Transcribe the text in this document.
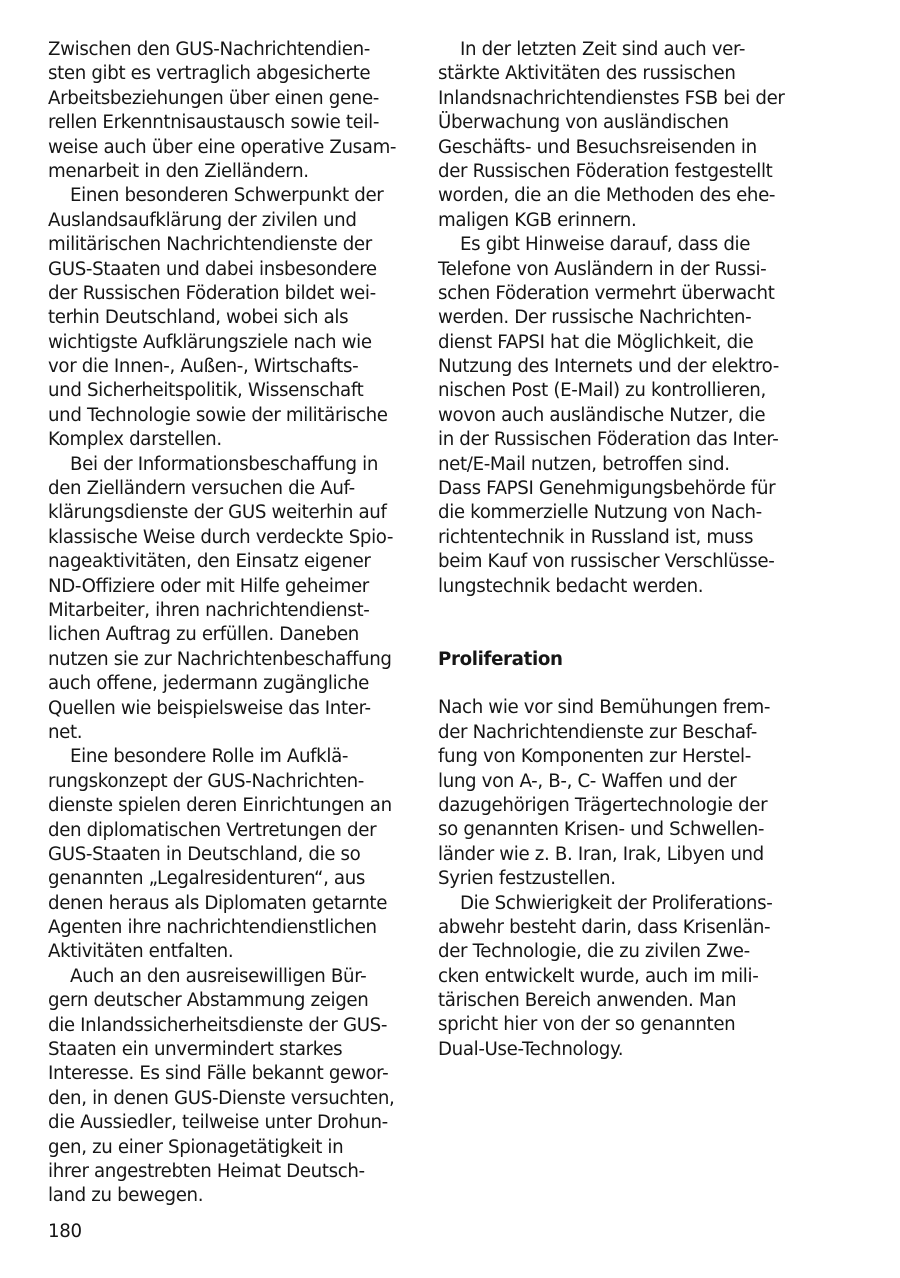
Zwischen den GUS-Nachrichtendien-
sten gibt es vertraglich abgesicherte
Arbeitsbeziehungen über einen gene-
rellen Erkenntnisaustausch sowie teil-
weise auch über eine operative Zusam-
menarbeit in den Zielländern.
Einen besonderen Schwerpunkt der
Auslandsaufklärung der zivilen und
militärischen Nachrichtendienste der
GUS-Staaten und dabei insbesondere
der Russischen Föderation bildet wei-
terhin Deutschland, wobei sich als
wichtigste Aufklärungsziele nach wie
vor die Innen-, Außen-, Wirtschafts-
und Sicherheitspolitik, Wissenschaft
und Technologie sowie der militärische
Komplex darstellen.
Bei der Informationsbeschaffung in
den Zielländern versuchen die Auf-
klärungsdienste der GUS weiterhin auf
klassische Weise durch verdeckte Spio-
nageaktivitäten, den Einsatz eigener
ND-Offiziere oder mit Hilfe geheimer
Mitarbeiter, ihren nachrichtendienst-
lichen Auftrag zu erfüllen. Daneben
nutzen sie zur Nachrichtenbeschaffung
auch offene, jedermann zugängliche
Quellen wie beispielsweise das Inter-
net.
Eine besondere Rolle im Aufklä-
rungskonzept der GUS-Nachrichten-
dienste spielen deren Einrichtungen an
den diplomatischen Vertretungen der
GUS-Staaten in Deutschland, die so
genannten „Legalresidenturen“, aus
denen heraus als Diplomaten getarnte
Agenten ihre nachrichtendienstlichen
Aktivitäten entfalten.
Auch an den ausreisewilligen Bür-
gern deutscher Abstammung zeigen
die Inlandssicherheitsdienste der GUS-
Staaten ein unvermindert starkes
Interesse. Es sind Fälle bekannt gewor-
den, in denen GUS-Dienste versuchten,
die Aussiedler, teilweise unter Drohun-
gen, zu einer Spionagetätigkeit in
ihrer angestrebten Heimat Deutsch-
land zu bewegen.
In der letzten Zeit sind auch ver-
stärkte Aktivitäten des russischen
Inlandsnachrichtendienstes FSB bei der
Überwachung von ausländischen
Geschäfts- und Besuchsreisenden in
der Russischen Föderation festgestellt
worden, die an die Methoden des ehe-
maligen KGB erinnern.
Es gibt Hinweise darauf, dass die
Telefone von Ausländern in der Russi-
schen Föderation vermehrt überwacht
werden. Der russische Nachrichten-
dienst FAPSI hat die Möglichkeit, die
Nutzung des Internets und der elektro-
nischen Post (E-Mail) zu kontrollieren,
wovon auch ausländische Nutzer, die
in der Russischen Föderation das Inter-
net/E-Mail nutzen, betroffen sind.
Dass FAPSI Genehmigungsbehörde für
die kommerzielle Nutzung von Nach-
richtentechnik in Russland ist, muss
beim Kauf von russischer Verschlüsse-
lungstechnik bedacht werden.
Proliferation
Nach wie vor sind Bemühungen frem-
der Nachrichtendienste zur Beschaf-
fung von Komponenten zur Herstel-
lung von A-, B-, C- Waffen und der
dazugehörigen Trägertechnologie der
so genannten Krisen- und Schwellen-
länder wie z. B. Iran, Irak, Libyen und
Syrien festzustellen.
Die Schwierigkeit der Proliferations-
abwehr besteht darin, dass Krisenlän-
der Technologie, die zu zivilen Zwe-
cken entwickelt wurde, auch im mili-
tärischen Bereich anwenden. Man
spricht hier von der so genannten
Dual-Use-Technology.
180
